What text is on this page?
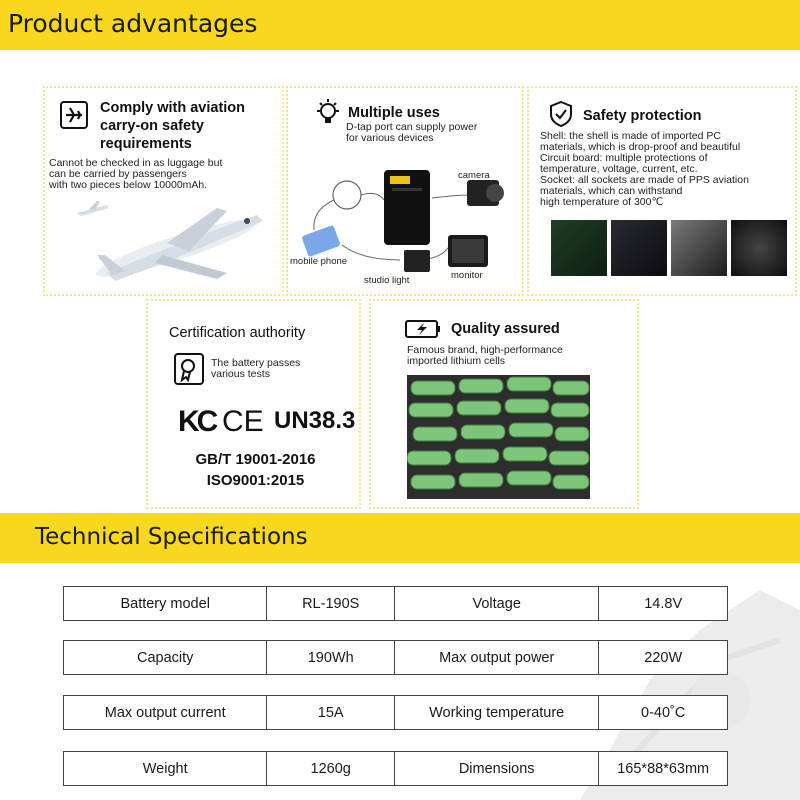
Product advantages
Comply with aviation
carry-on safety
requirements
Cannot be checked in as luggage but
can be carried by passengers
with two pieces below 10000mAh.
Multiple uses
D-tap port can supply power
for various devices
camera
mobile phone
studio light	monitor
Safety protection
Shell: the shell is made of imported PC
materials, which is drop-proof and beautiful
Circuit board: multiple protections of
temperature, voltage, current, etc.
Socket: all sockets are made of PPS aviation
materials, which can withstand
high temperature of 300℃
Certification authority
The battery passes
various tests
KC CE UN38.3
GB/T 19001-2016
ISO9001:2015
Quality assured
Famous brand, high-performance
imported lithium cells
Technical Specifications
Battery model	RL-190S	Voltage	14.8V
Capacity	190Wh	Max output power	220W
Max output current	15A	Working temperature	0-40˚C
Weight	1260g	Dimensions	165*88*63mm
